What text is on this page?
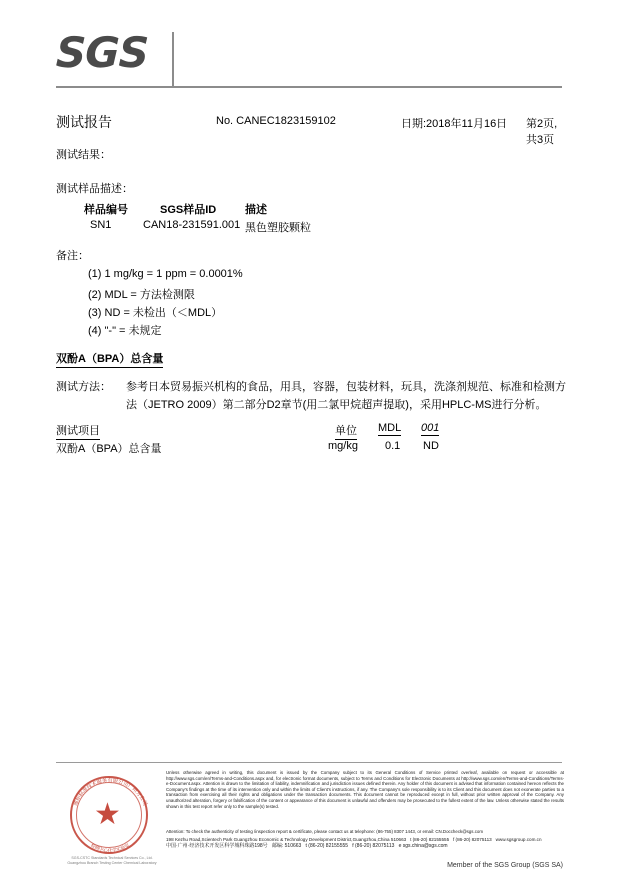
SGS
测试报告	No. CANEC1823159102	日期:2018年11月16日 第2页,共3页
测试结果：
测试样品描述：
样品编号	SGS样品ID	描述
SN1	CAN18-231591.001 黑色塑胶颗粒
备注：
(1) 1 mg/kg = 1 ppm = 0.0001%
(2) MDL = 方法检测限
(3) ND = 未检出（＜MDL）
(4) "-" = 未规定
双酚A（BPA）总含量
测试方法： 参考日本贸易振兴机构的食品，用具，容器，包装材料，玩具，洗涤剂规范、标准和检测方
法（JETRO 2009）第二部分D2章节(用二氯甲烷超声提取)，采用HPLC-MS进行分析。
测试项目	单位 MDL 001
双酚A（BPA）总含量	mg/kg 0.1 ND
通标标准技术服务有限公司广州分公司
检测中心化学实验室
★
SGS-CSTC Standards Technical Services Co., Ltd. Guangzhou Branch Testing Center Chemical Laboratory
Unless otherwise agreed in writing, this document is issued by the Company subject to its General Conditions of Service printed overleaf, available on request or accessible at http://www.sgs.com/en/Terms-and-Conditions.aspx and, for electronic format documents, subject to Terms and Conditions for Electronic Documents at http://www.sgs.com/en/Terms-and-Conditions/Terms-e-Document.aspx. Attention is drawn to the limitation of liability, indemnification and jurisdiction issues defined therein. Any holder of this document is advised that information contained hereon reflects the Company's findings at the time of its intervention only and within the limits of Client's instructions, if any. The Company's sole responsibility is to its Client and this document does not exonerate parties to a transaction from exercising all their rights and obligations under the transaction documents. This document cannot be reproduced except in full, without prior written approval of the Company. Any unauthorized alteration, forgery or falsification of the content or appearance of this document is unlawful and offenders may be prosecuted to the fullest extent of the law. Unless otherwise stated the results shown in this test report refer only to the sample(s) tested.
Attention: To check the authenticity of testing /inspection report & certificate, please contact us at telephone: (86-755) 8307 1443, or email: CN.Doccheck@sgs.com
198 Kezhu Road,Scientech Park Guangzhou Economic & Technology Development District,Guangzhou,China 510663 t (86-20) 82155555 f (86-20) 82075113 www.sgsgroup.com.cn
中国·广州·经济技术开发区科学城科珠路198号 邮编: 510663 t (86-20) 82155555 f (86-20) 82075113 e sgs.china@sgs.com
Member of the SGS Group (SGS SA)
